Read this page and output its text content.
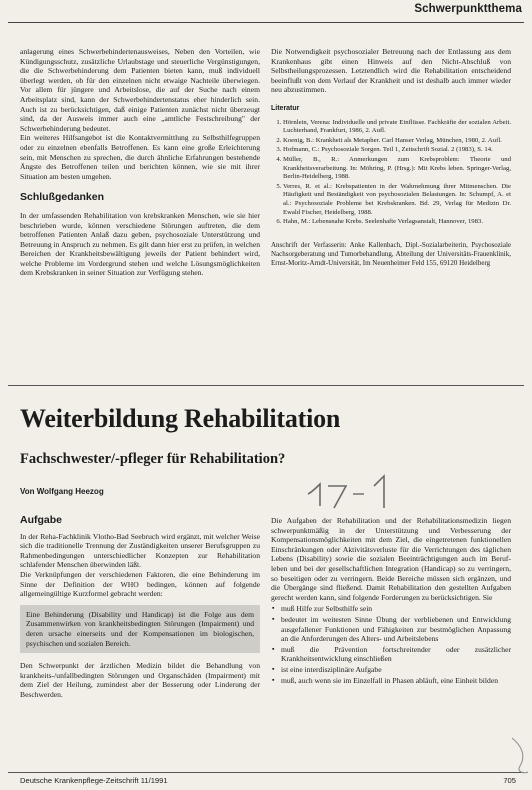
Schwerpunktthema

anlagerung eines Schwerbehindertenausweises, Neben den Vorteilen, wie Kündigungsschutz, zusätzliche Urlaubstage und steuerliche Vergünstigungen, die die Schwerbehinderung dem Patienten bieten kann, muß individuell überlegt werden, ob für den einzelnen nicht etwaige Nachteile überwiegen. Vor allem für jüngere und Arbeitslose, die auf der Suche nach einem Arbeitsplatz sind, kann der Schwerbehindertenstatus eher hinderlich sein. Auch ist zu berücksichtigen, daß einige Patienten zunächst nicht überzeugt sind, da der Ausweis immer auch eine „amtliche Festschreibung" der Schwerbehinderung bedeutet.

Ein weiteres Hilfsangebot ist die Kontaktvermittlung zu Selbsthilfegruppen oder zu einzelnen ebenfalls Betroffenen. Es kann eine große Erleichterung sein, mit Menschen zu sprechen, die durch ähnliche Erfahrungen bestehende Ängste des Betroffenen teilen und berichten können, wie sie mit ihrer Situation am besten umgehen.

Schlußgedanken

In der umfassenden Rehabilitation von krebskranken Menschen, wie sie hier beschrieben wurde, können verschiedene Störungen auftreten, die dem betroffenen Patienten Anlaß dazu geben, psychosoziale Unterstützung und Betreuung in Anspruch zu nehmen. Es gilt dann hier erst zu prüfen, in welchen Bereichen der Krankheitsbewältigung jeweils der Patient behindert wird, welche Probleme im Vordergrund stehen und welche Lösungsmöglichkeiten dem Krebskranken in seiner Situation zur Verfügung stehen.

Die Notwendigkeit psychosozialer Betreuung nach der Entlassung aus dem Krankenhaus gibt einen Hinweis auf den Nicht-Abschluß von Selbstheilungsprozessen. Letztendlich wird die Rehabilitation entscheidend beeinflußt von dem Verlauf der Krankheit und ist deshalb auch immer wieder neu abzustimmen.

Literatur
1. Hörnlein, Verena: Individuelle und private Einflüsse. Fachkräfte der sozialen Arbeit. Luchterhand, Frankfurt, 1986, 2. Aufl.
2. Koenig, B.: Krankheit als Metapher. Carl Hanser Verlag, München, 1980, 2. Aufl.
3. Hofmann, C.: Psychosoziale Sorgen. Teil 1, Zeitschrift Sozial. 2 (1983), S. 14.
4. Müller, B., R.: Anmerkungen zum Krebsproblem: Theorie und Krankheitsverarbeitung. In: Möhring, P. (Hrsg.): Mit Krebs leben. Springer-Verlag, Berlin-Heidelberg, 1988.
5. Verres, R. et al.: Krebspatienten in der Wahrnehmung ihrer Mitmenschen. Die Häufigkeit und Beständigkeit von psychosozialen Belastungen. In: Schumpf, A. et al.: Psychosoziale Probleme bei Krebskranken. Bd. 29, Verlag für Medizin Dr. Ewald Fischer, Heidelberg, 1988.
6. Hahn, M.: Lebensnahe Krebs. Seelenhafte Verlagsanstalt, Hannover, 1983.
Anschrift der Verfasserin: Anke Kallenbach, Dipl.-Sozialarbeiterin, Psychosoziale Nachsorgeberatung und Tumorbehandlung, Abteilung der Universitäts-Frauenklinik, Ernst-Moritz-Arndt-Universität, Im Neuenheimer Feld 155, 69120 Heidelberg
Weiterbildung Rehabilitation
Fachschwester/-pfleger für Rehabilitation?
Von Wolfgang Heezog
Aufgabe

In der Reha-Fachklinik Vlotho-Bad Seebruch wird ergänzt, mit welcher Weise sich die traditionelle Trennung der Zuständigkeiten unserer Berufsgruppen zu Rahmenbedingungen unterschiedlicher Konzepten zur Rehabilitation schlafender Menschen überwinden läßt.

Die Verknüpfungen der verschiedenen Faktoren, die eine Behinderung im Sinne der Definition der WHO bedingen, können auf folgende allgemeingültige Kurzformel gebracht werden:

Eine Behinderung (Disability und Handicap) ist die Folge aus dem Zusammenwirken von krankheitsbedingten Störungen (Impairment) und deren ursache einerseits und der Kompensationen im biologischen, psychischen und sozialen Bereich.

Den Schwerpunkt der ärztlichen Medizin bildet die Behandlung von krankheits-/unfallbedingten Störungen und Organschäden (Impairment) mit dem Ziel der Heilung, zumindest aber der Besserung oder Linderung der Beschwerden.

Die Aufgaben der Rehabilitation und der Rehabilitationsmedizin liegen schwerpunktmäßig in der Unterstützung und Verbesserung der Kompensationsmöglichkeiten mit dem Ziel, die eingetretenen funktionellen Einschränkungen oder Aktivitätsverluste für die Verrichtungen des täglichen Lebens (Disability) sowie die sozialen Beeinträchtigungen auch im Beruf-leben und bei der gesellschaftlichen Integration (Handicap) so zu verringern, so beseitigen oder zu verringern. Beide Bereiche müssen sich ergänzen, und die Übergänge sind fließend. Damit Rehabilitation den gestellten Aufgaben gerecht werden kann, sind folgende Forderungen zu berücksichtigen. Sie

▪ muß Hilfe zur Selbsthilfe sein
▪ bedeutet im weitesten Sinne Übung der verbliebenen und Entwicklung ausgefallener Funktionen und Fähigkeiten zur bestmöglichen Anpassung an die Anforderungen des Alters- und Arbeitslebens
▪ muß die Prävention fortschreitender oder zusätzlicher Krankheitsentwicklung einschließen
▪ ist eine interdisziplinäre Aufgabe
▪ muß, auch wenn sie im Einzelfall in Phasen abläuft, eine Einheit bilden
Deutsche Krankenpflege-Zeitschrift 11/1991	705
